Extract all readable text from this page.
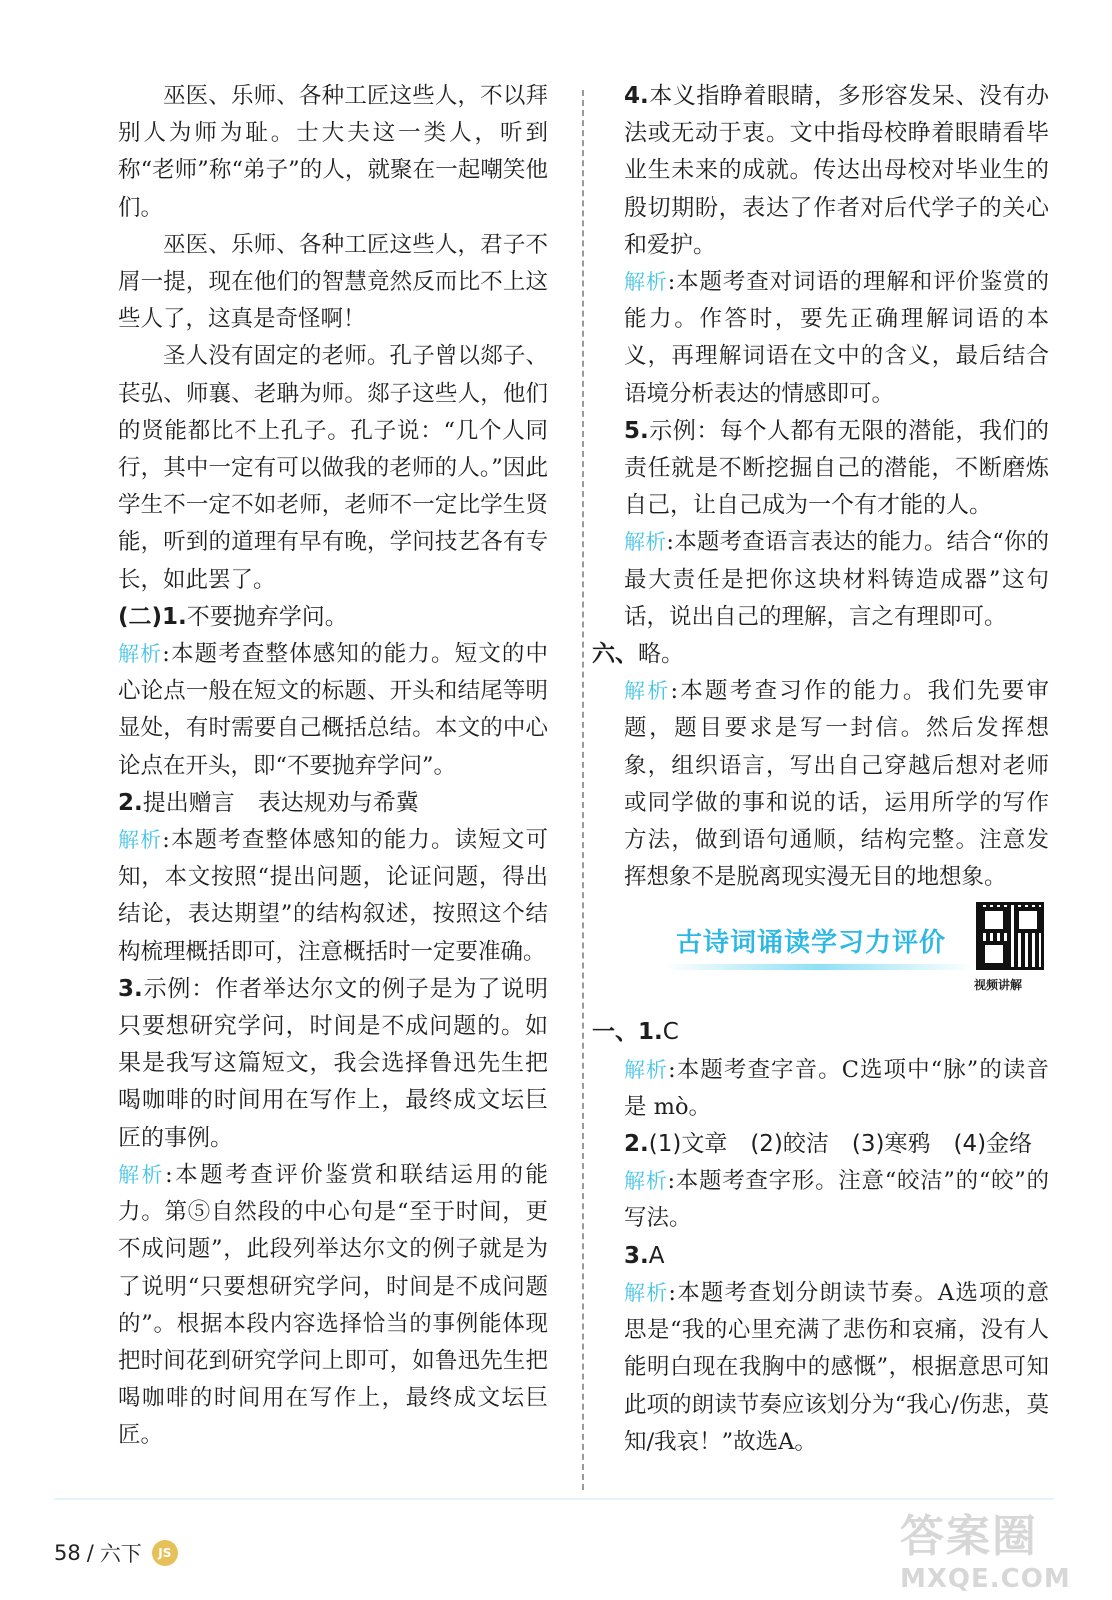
巫医、乐师、各种工匠这些人，不以拜别人为师为耻。士大夫这一类人，听到称“老师”称“弟子”的人，就聚在一起嘲笑他们。

巫医、乐师、各种工匠这些人，君子不屑一提，现在他们的智慧竟然反而比不上这些人了，这真是奇怪啊！

圣人没有固定的老师。孔子曾以郯子、苌弘、师襄、老聃为师。郯子这些人，他们的贤能都比不上孔子。孔子说：“几个人同行，其中一定有可以做我的老师的人。”因此学生不一定不如老师，老师不一定比学生贤能，听到的道理有早有晚，学问技艺各有专长，如此罢了。

(二)1.不要抛弃学问。

解析:本题考查整体感知的能力。短文的中心论点一般在短文的标题、开头和结尾等明显处，有时需要自己概括总结。本文的中心论点在开头，即“不要抛弃学问”。

2.提出赠言　表达规劝与希冀

解析:本题考查整体感知的能力。读短文可知，本文按照“提出问题，论证问题，得出结论，表达期望”的结构叙述，按照这个结构梳理概括即可，注意概括时一定要准确。

3.示例：作者举达尔文的例子是为了说明只要想研究学问，时间是不成问题的。如果是我写这篇短文，我会选择鲁迅先生把喝咖啡的时间用在写作上，最终成文坛巨匠的事例。

解析:本题考查评价鉴赏和联结运用的能力。第⑤自然段的中心句是“至于时间，更不成问题”，此段列举达尔文的例子就是为了说明“只要想研究学问，时间是不成问题的”。根据本段内容选择恰当的事例能体现把时间花到研究学问上即可，如鲁迅先生把喝咖啡的时间用在写作上，最终成文坛巨匠。

4.本义指睁着眼睛，多形容发呆、没有办法或无动于衷。文中指母校睁着眼睛看毕业生未来的成就。传达出母校对毕业生的殷切期盼，表达了作者对后代学子的关心和爱护。

解析:本题考查对词语的理解和评价鉴赏的能力。作答时，要先正确理解词语的本义，再理解词语在文中的含义，最后结合语境分析表达的情感即可。

5.示例：每个人都有无限的潜能，我们的责任就是不断挖掘自己的潜能，不断磨炼自己，让自己成为一个有才能的人。

解析:本题考查语言表达的能力。结合“你的最大责任是把你这块材料铸造成器”这句话，说出自己的理解，言之有理即可。

六、略。

解析:本题考查习作的能力。我们先要审题，题目要求是写一封信。然后发挥想象，组织语言，写出自己穿越后想对老师或同学做的事和说的话，运用所学的写作方法，做到语句通顺，结构完整。注意发挥想象不是脱离现实漫无目的地想象。

古诗词诵读学习力评价
视频讲解

一、1.C

解析:本题考查字音。C选项中“脉”的读音是 mò。

2.(1)文章　(2)皎洁　(3)寒鸦　(4)金络

解析:本题考查字形。注意“皎洁”的“皎”的写法。

3.A

解析:本题考查划分朗读节奏。A选项的意思是“我的心里充满了悲伤和哀痛，没有人能明白现在我胸中的感慨”，根据意思可知此项的朗读节奏应该划分为“我心/伤悲，莫知/我哀！”故选A。

58 / 六下	JS	答案圈
MXQE.COM
